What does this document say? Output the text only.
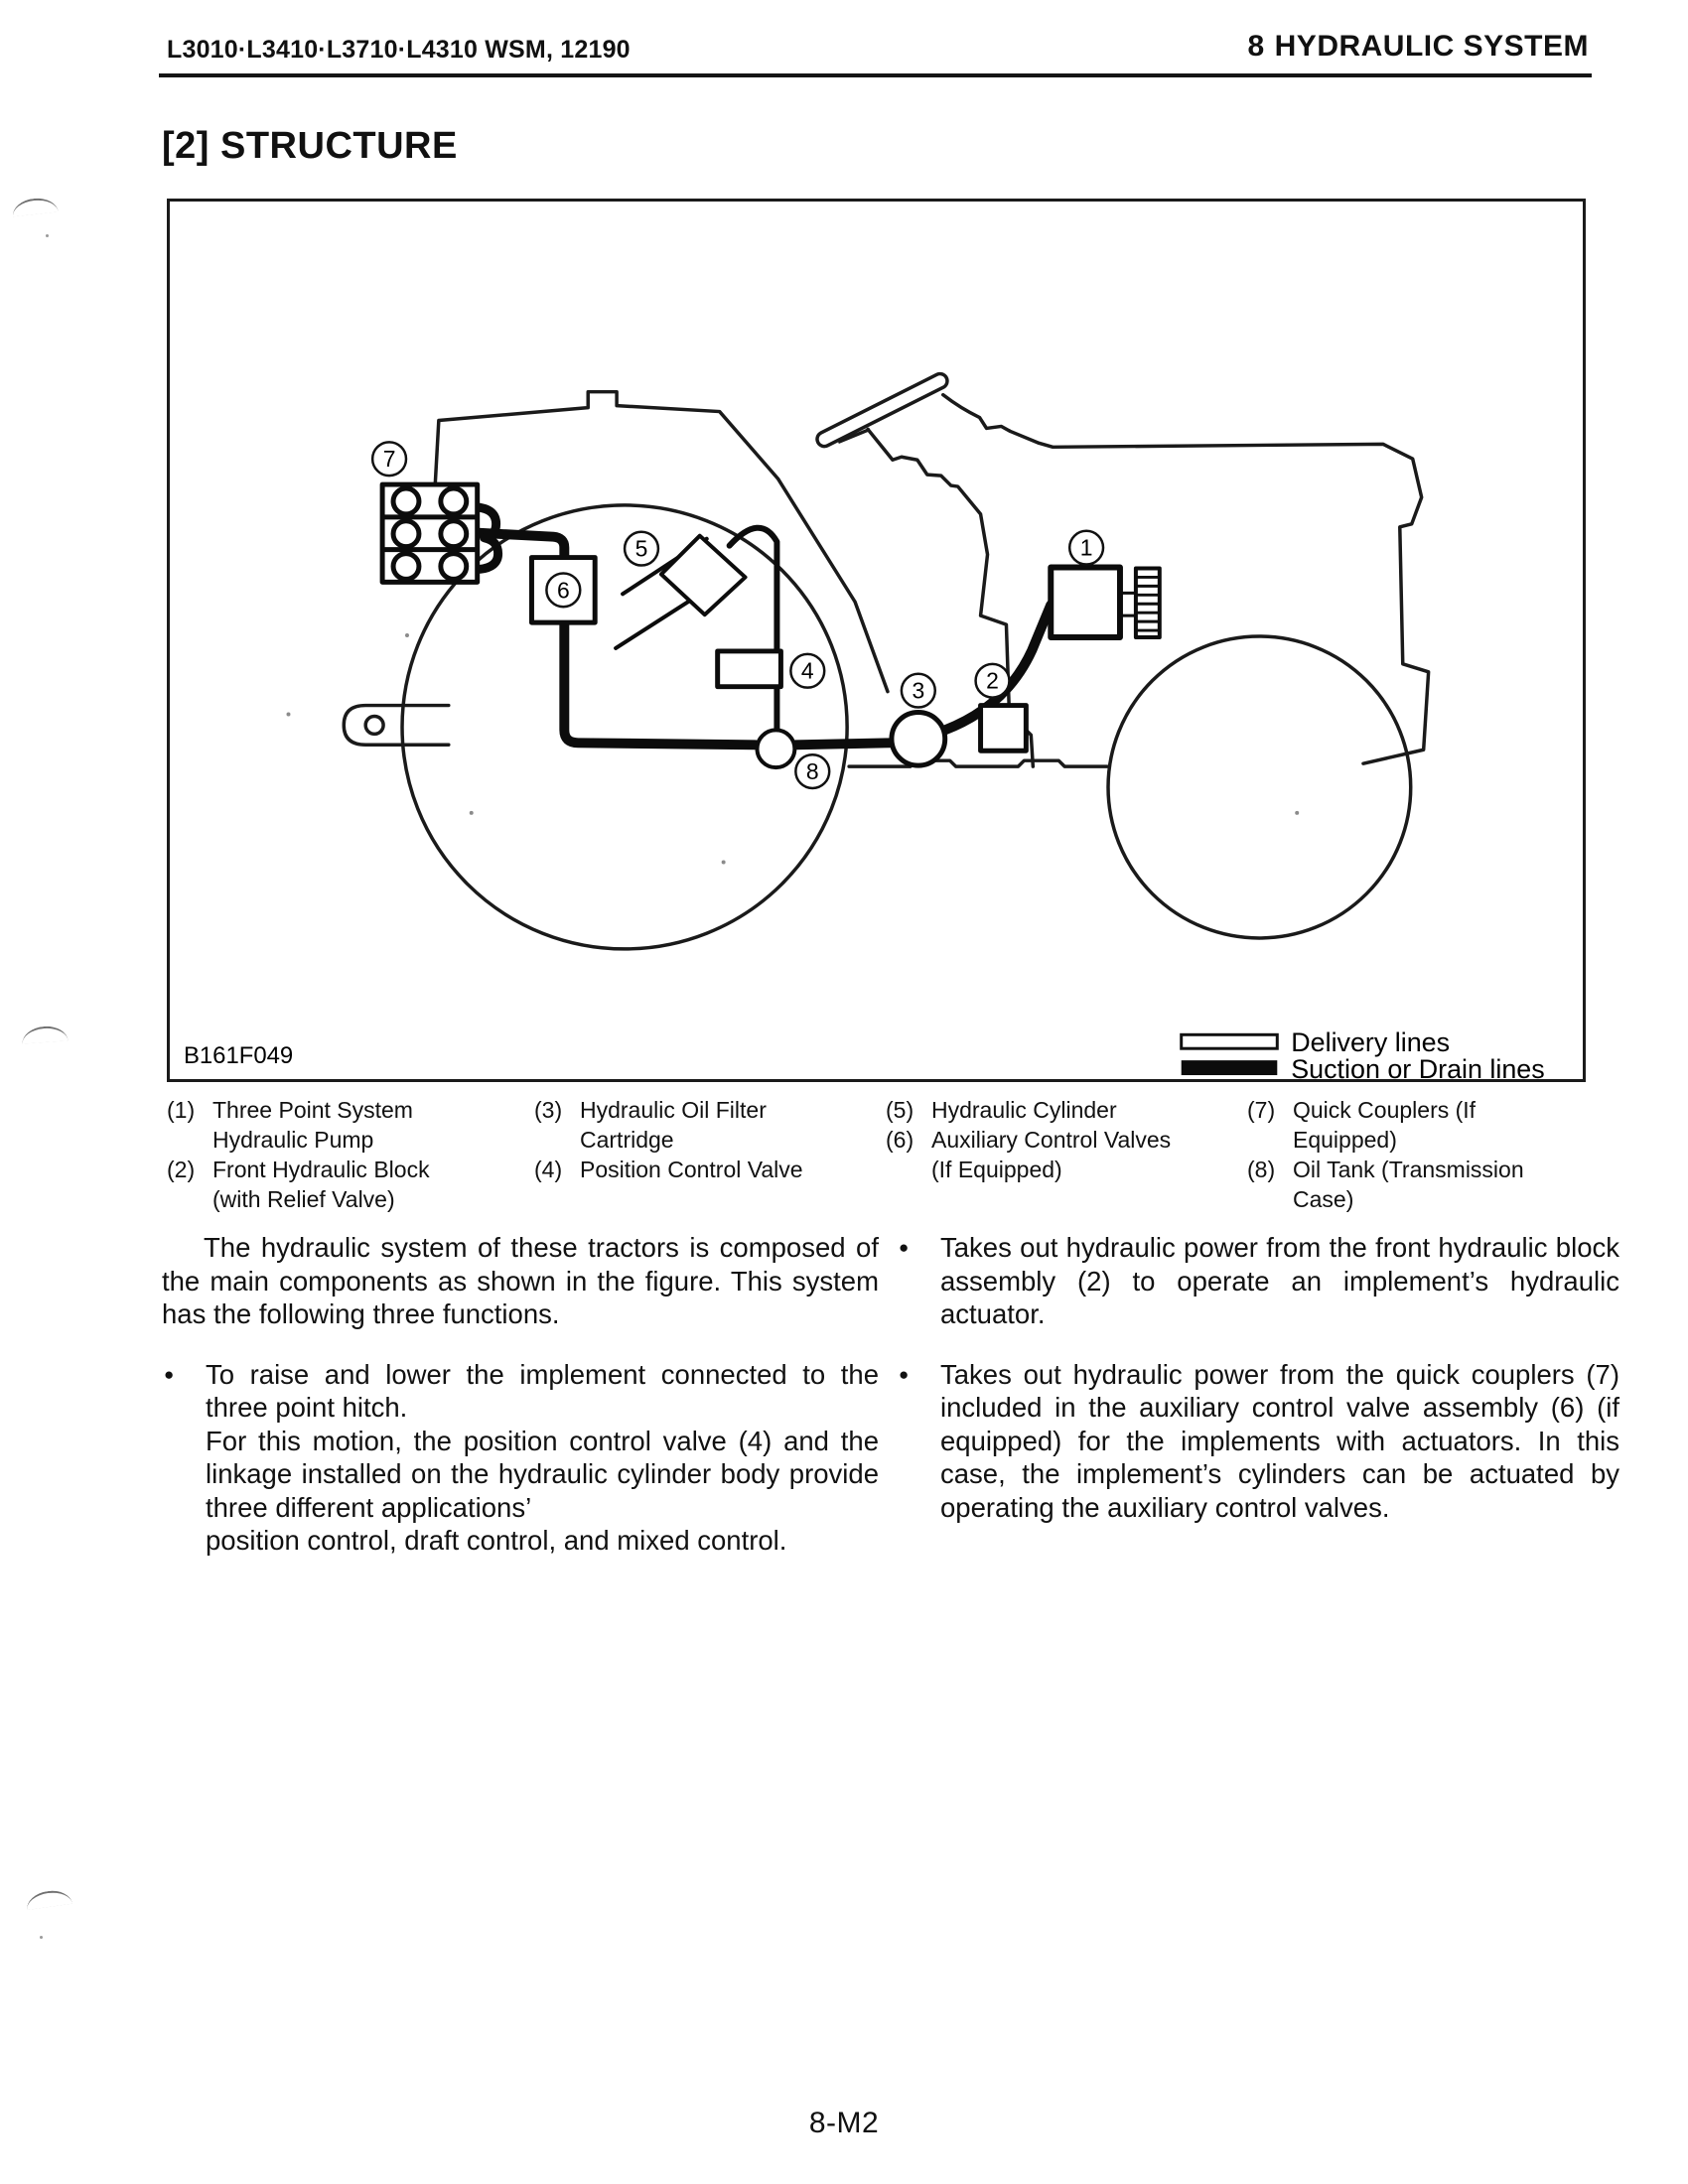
L3010·L3410·L3710·L4310 WSM, 12190	8 HYDRAULIC SYSTEM
[2] STRUCTURE
1
2
3
4
5
6
7
8
Delivery lines
Suction or Drain lines
B161F049
(1) Three Point System Hydraulic Pump
(2) Front Hydraulic Block (with Relief Valve)
(3) Hydraulic Oil Filter Cartridge
(4) Position Control Valve
(5) Hydraulic Cylinder
(6) Auxiliary Control Valves (If Equipped)
(7) Quick Couplers (If Equipped)
(8) Oil Tank (Transmission Case)

The hydraulic system of these tractors is composed of the main components as shown in the figure. This system has the following three functions.

●	To raise and lower the implement connected to the three point hitch.
For this motion, the position control valve (4) and the linkage installed on the hydraulic cylinder body provide three different applications’
position control, draft control, and mixed control.
●	Takes out hydraulic power from the front hydraulic block assembly (2) to operate an implement’s hydraulic actuator.
●	Takes out hydraulic power from the quick couplers (7) included in the auxiliary control valve assembly (6) (if equipped) for the implements with actuators. In this case, the implement’s cylinders can be actuated by operating the auxiliary control valves.
8-M2
